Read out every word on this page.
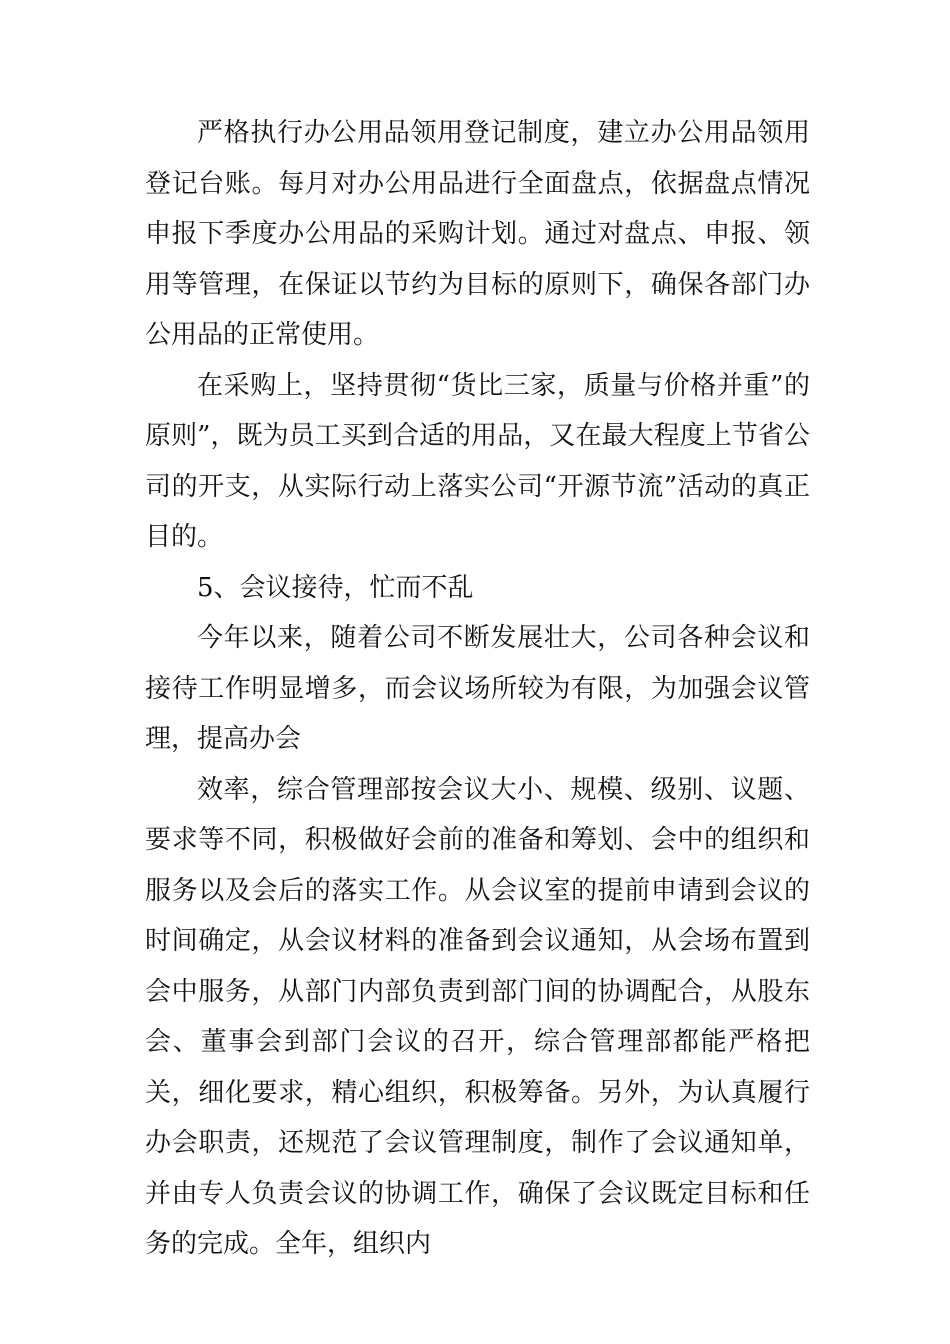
严格执行办公用品领用登记制度，建立办公用品领用登记台账。每月对办公用品进行全面盘点，依据盘点情况申报下季度办公用品的采购计划。通过对盘点、申报、领用等管理，在保证以节约为目标的原则下，确保各部门办公用品的正常使用。

在采购上，坚持贯彻“货比三家，质量与价格并重”的原则”，既为员工买到合适的用品，又在最大程度上节省公司的开支，从实际行动上落实公司“开源节流”活动的真正目的。

5、会议接待，忙而不乱

今年以来，随着公司不断发展壮大，公司各种会议和接待工作明显增多，而会议场所较为有限，为加强会议管理，提高办会

效率，综合管理部按会议大小、规模、级别、议题、要求等不同，积极做好会前的准备和筹划、会中的组织和服务以及会后的落实工作。从会议室的提前申请到会议的时间确定，从会议材料的准备到会议通知，从会场布置到会中服务，从部门内部负责到部门间的协调配合，从股东会、董事会到部门会议的召开，综合管理部都能严格把关，细化要求，精心组织，积极筹备。另外，为认真履行办会职责，还规范了会议管理制度，制作了会议通知单，并由专人负责会议的协调工作，确保了会议既定目标和任务的完成。全年，组织内
